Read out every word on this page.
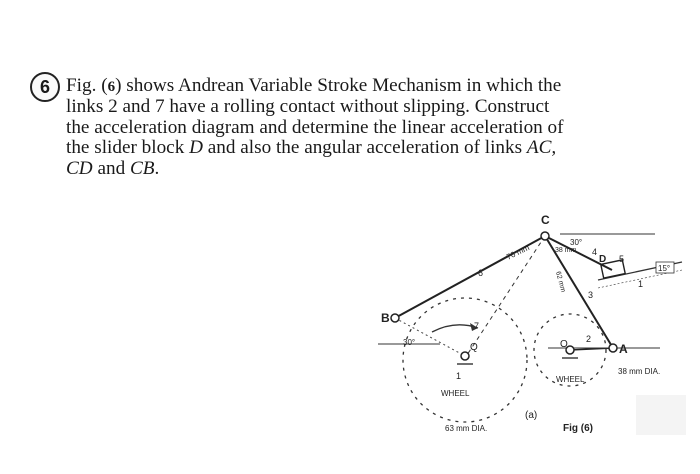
6 Fig. (6) shows Andrean Variable Stroke Mechanism in which the
links 2 and 7 have a rolling contact without slipping. Construct
the acceleration diagram and determine the linear acceleration of
the slider block D and also the angular acceleration of links AC,
CD and CB.

C
B
A
D
O
Q
6
7
1
2
3
4
5
1
30°
30°
15°
76 mm	38 mm
62 mm
63 mm DIA.
38 mm DIA.
WHEEL
WHEEL
(a)
Fig (6)
